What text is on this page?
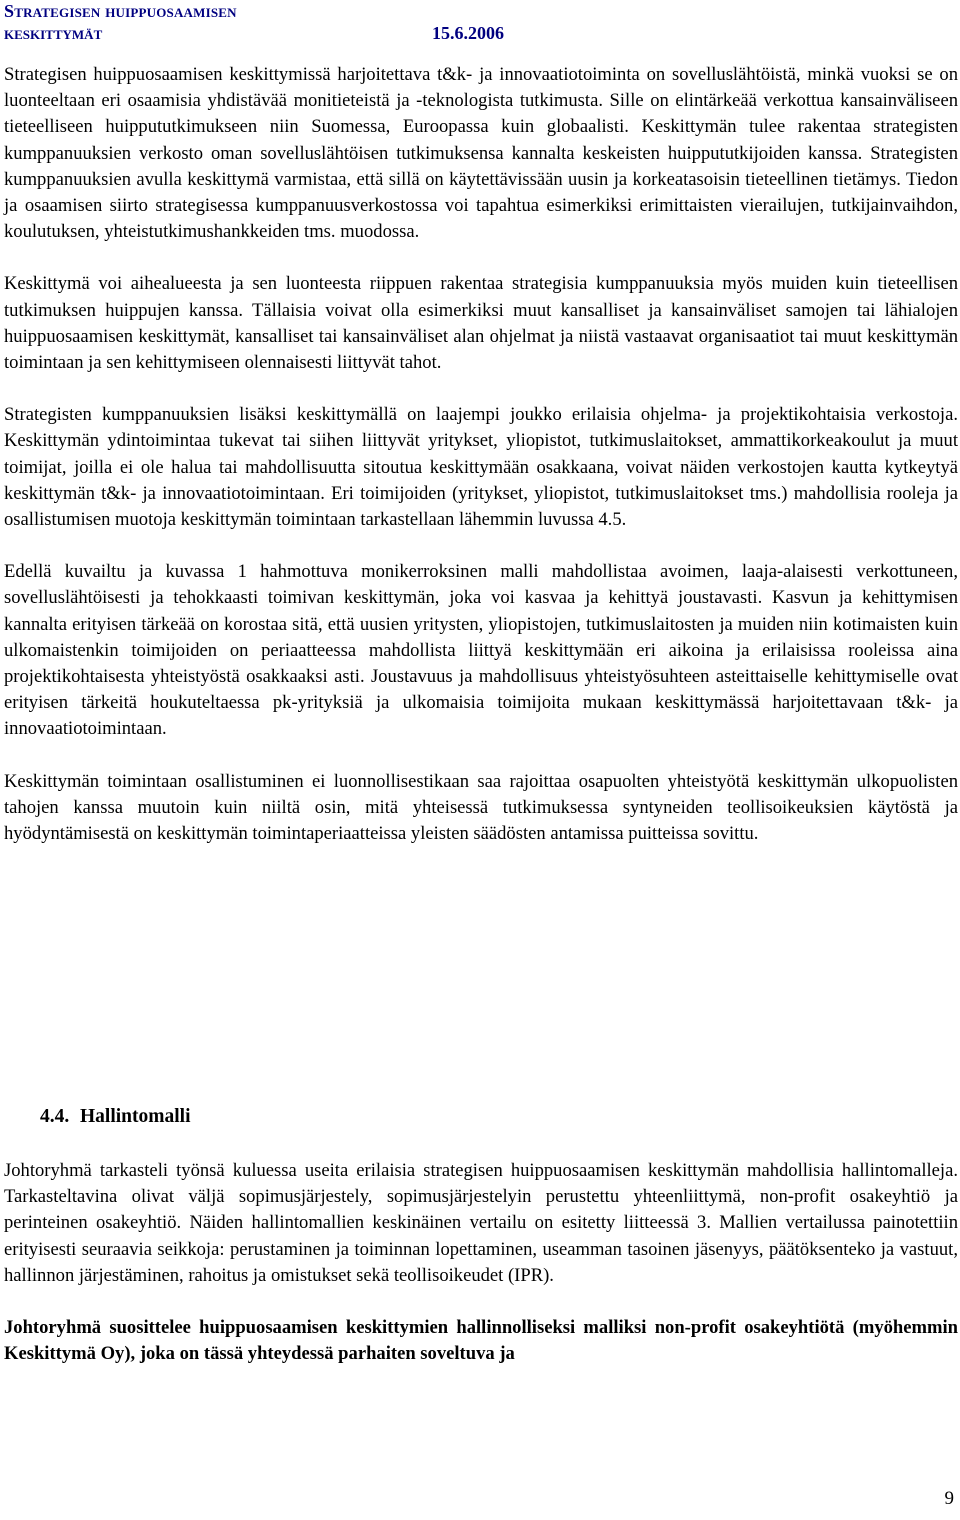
Strategisen huippuosaamisen
keskittymät	15.6.2006

Strategisen huippuosaamisen keskittymissä harjoitettava t&k- ja innovaatiotoiminta on sovelluslähtöistä, minkä vuoksi se on luonteeltaan eri osaamisia yhdistävää monitieteistä ja -teknologista tutkimusta. Sille on elintärkeää verkottua kansainväliseen tieteelliseen huippututkimukseen niin Suomessa, Euroopassa kuin globaalisti. Keskittymän tulee rakentaa strategisten kumppanuuksien verkosto oman sovelluslähtöisen tutkimuksensa kannalta keskeisten huippututkijoiden kanssa. Strategisten kumppanuuksien avulla keskittymä varmistaa, että sillä on käytettävissään uusin ja korkeatasoisin tieteellinen tietämys. Tiedon ja osaamisen siirto strategisessa kumppanuusverkostossa voi tapahtua esimerkiksi erimittaisten vierailujen, tutkijainvaihdon, koulutuksen, yhteistutkimushankkeiden tms. muodossa.

Keskittymä voi aihealueesta ja sen luonteesta riippuen rakentaa strategisia kumppanuuksia myös muiden kuin tieteellisen tutkimuksen huippujen kanssa. Tällaisia voivat olla esimerkiksi muut kansalliset ja kansainväliset samojen tai lähialojen huippuosaamisen keskittymät, kansalliset tai kansainväliset alan ohjelmat ja niistä vastaavat organisaatiot tai muut keskittymän toimintaan ja sen kehittymiseen olennaisesti liittyvät tahot.

Strategisten kumppanuuksien lisäksi keskittymällä on laajempi joukko erilaisia ohjelma- ja projektikohtaisia verkostoja. Keskittymän ydintoimintaa tukevat tai siihen liittyvät yritykset, yliopistot, tutkimuslaitokset, ammattikorkeakoulut ja muut toimijat, joilla ei ole halua tai mahdollisuutta sitoutua keskittymään osakkaana, voivat näiden verkostojen kautta kytkeytyä keskittymän t&k- ja innovaatiotoimintaan. Eri toimijoiden (yritykset, yliopistot, tutkimuslaitokset tms.) mahdollisia rooleja ja osallistumisen muotoja keskittymän toimintaan tarkastellaan lähemmin luvussa 4.5.

Edellä kuvailtu ja kuvassa 1 hahmottuva monikerroksinen malli mahdollistaa avoimen, laaja-alaisesti verkottuneen, sovelluslähtöisesti ja tehokkaasti toimivan keskittymän, joka voi kasvaa ja kehittyä joustavasti. Kasvun ja kehittymisen kannalta erityisen tärkeää on korostaa sitä, että uusien yritysten, yliopistojen, tutkimuslaitosten ja muiden niin kotimaisten kuin ulkomaistenkin toimijoiden on periaatteessa mahdollista liittyä keskittymään eri aikoina ja erilaisissa rooleissa aina projektikohtaisesta yhteistyöstä osakkaaksi asti. Joustavuus ja mahdollisuus yhteistyösuhteen asteittaiselle kehittymiselle ovat erityisen tärkeitä houkuteltaessa pk-yrityksiä ja ulkomaisia toimijoita mukaan keskittymässä harjoitettavaan t&k- ja innovaatiotoimintaan.

Keskittymän toimintaan osallistuminen ei luonnollisestikaan saa rajoittaa osapuolten yhteistyötä keskittymän ulkopuolisten tahojen kanssa muutoin kuin niiltä osin, mitä yhteisessä tutkimuksessa syntyneiden teollisoikeuksien käytöstä ja hyödyntämisestä on keskittymän toimintaperiaatteissa yleisten säädösten antamissa puitteissa sovittu.

4.4. Hallintomalli

Johtoryhmä tarkasteli työnsä kuluessa useita erilaisia strategisen huippuosaamisen keskittymän mahdollisia hallintomalleja. Tarkasteltavina olivat väljä sopimusjärjestely, sopimusjärjestelyin perustettu yhteenliittymä, non-profit osakeyhtiö ja perinteinen osakeyhtiö. Näiden hallintomallien keskinäinen vertailu on esitetty liitteessä 3. Mallien vertailussa painotettiin erityisesti seuraavia seikkoja: perustaminen ja toiminnan lopettaminen, useamman tasoinen jäsenyys, päätöksenteko ja vastuut, hallinnon järjestäminen, rahoitus ja omistukset sekä teollisoikeudet (IPR).

Johtoryhmä suosittelee huippuosaamisen keskittymien hallinnolliseksi malliksi non-profit osakeyhtiötä (myöhemmin Keskittymä Oy), joka on tässä yhteydessä parhaiten soveltuva ja

9
